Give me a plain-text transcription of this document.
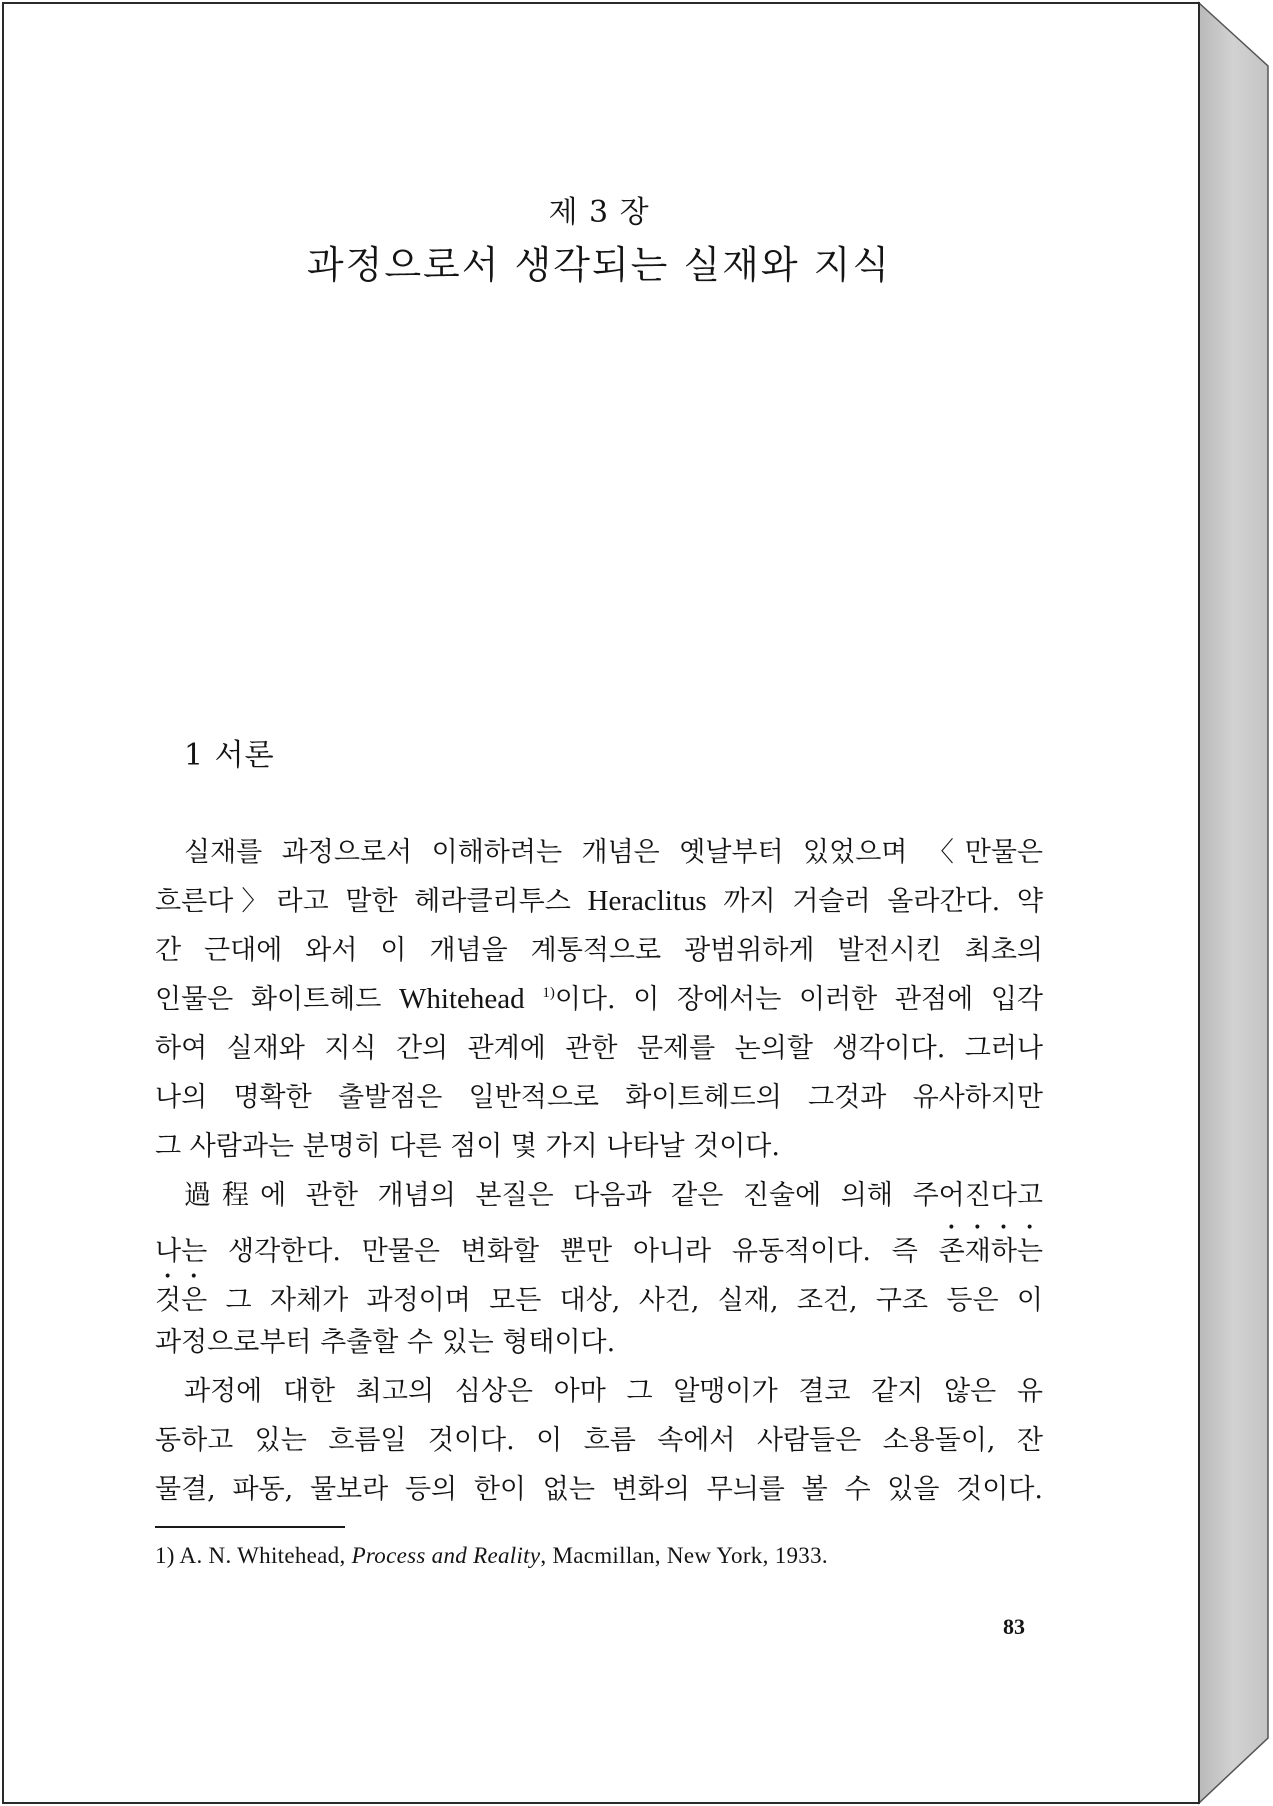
제 3 장
과정으로서 생각되는 실재와 지식
1 서론
실재를 과정으로서 이해하려는 개념은 옛날부터 있었으며 〈만물은
흐른다〉라고 말한 헤라클리투스 Heraclitus 까지 거슬러 올라간다. 약
간 근대에 와서 이 개념을 계통적으로 광범위하게 발전시킨 최초의
인물은 화이트헤드 Whitehead $^{1)}$이다. 이 장에서는 이러한 관점에 입각
하여 실재와 지식 간의 관계에 관한 문제를 논의할 생각이다. 그러나
나의 명확한 출발점은 일반적으로 화이트헤드의 그것과 유사하지만
그 사람과는 분명히 다른 점이 몇 가지 나타날 것이다.
過程에 관한 개념의 본질은 다음과 같은 진술에 의해 주어진다고
나는 생각한다. 만물은 변화할 뿐만 아니라 유동적이다. 즉 존재하는
것은 그 자체가 과정이며 모든 대상, 사건, 실재, 조건, 구조 등은 이
과정으로부터 추출할 수 있는 형태이다.
과정에 대한 최고의 심상은 아마 그 알맹이가 결코 같지 않은 유
동하고 있는 흐름일 것이다. 이 흐름 속에서 사람들은 소용돌이, 잔
물결, 파동, 물보라 등의 한이 없는 변화의 무늬를 볼 수 있을 것이다.
1) A. N. Whitehead, Process and Reality, Macmillan, New York, 1933.
83
